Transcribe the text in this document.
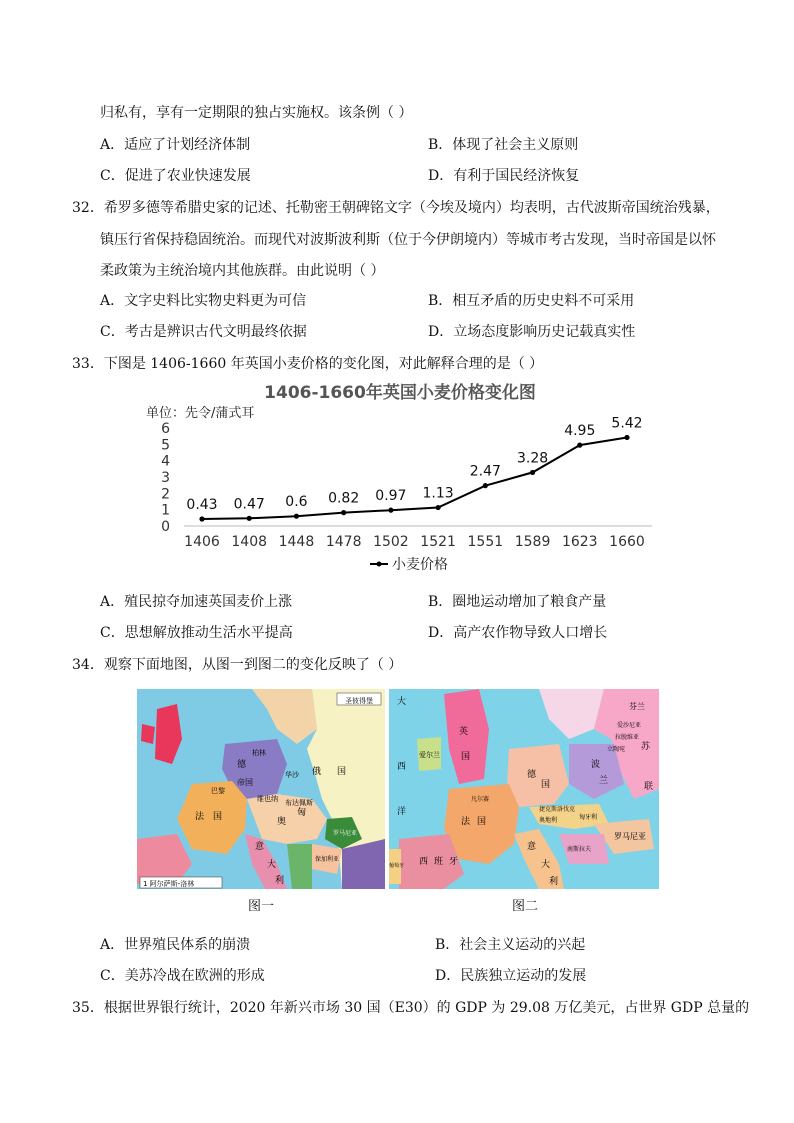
归私有，享有一定期限的独占实施权。该条例（ ）
A．适应了计划经济体制	B．体现了社会主义原则
C．促进了农业快速发展	D．有利于国民经济恢复
32．希罗多德等希腊史家的记述、托勒密王朝碑铭文字（今埃及境内）均表明，古代波斯帝国统治残暴，
镇压行省保持稳固统治。而现代对波斯波利斯（位于今伊朗境内）等城市考古发现，当时帝国是以怀
柔政策为主统治境内其他族群。由此说明（ ）
A．文字史料比实物史料更为可信	B．相互矛盾的历史史料不可采用
C．考古是辨识古代文明最终依据	D．立场态度影响历史记载真实性
33．下图是 1406-1660 年英国小麦价格的变化图，对此解释合理的是（ ）
1406-1660年英国小麦价格变化图
单位：先令/蒲式耳
0
1
2
3
4
5
6
1406 1408 1448 1478 1502 1521 1551 1589 1623 1660
0.43 0.47 0.6 0.82 0.97 1.13
2.47
3.28
4.95 5.42
小麦价格
A．殖民掠夺加速英国麦价上涨	B．圈地运动增加了粮食产量
C．思想解放推动生活水平提高	D．高产农作物导致人口增长
34．观察下面地图，从图一到图二的变化反映了（ ）
圣彼得堡
俄 国
德
帝国
柏林
华沙
法 国
巴黎
奥
匈
布达佩斯
维也纳
意
大
利
罗马尼亚
保加利亚
1 阿尔萨斯-洛林
大
西
洋
芬兰
爱沙尼亚
拉脱维亚
立陶宛
英
国
爱尔兰
德
国
波
兰
苏
联
捷克斯洛伐克
奥地利	匈牙利
罗马尼亚
凡尔赛
法 国
西 班 牙
意
大
利
南斯拉夫
葡萄牙
图一	图二
A．世界殖民体系的崩溃	B．社会主义运动的兴起
C．美苏冷战在欧洲的形成	D．民族独立运动的发展
35．根据世界银行统计，2020 年新兴市场 30 国（E30）的 GDP 为 29.08 万亿美元，占世界 GDP 总量的
